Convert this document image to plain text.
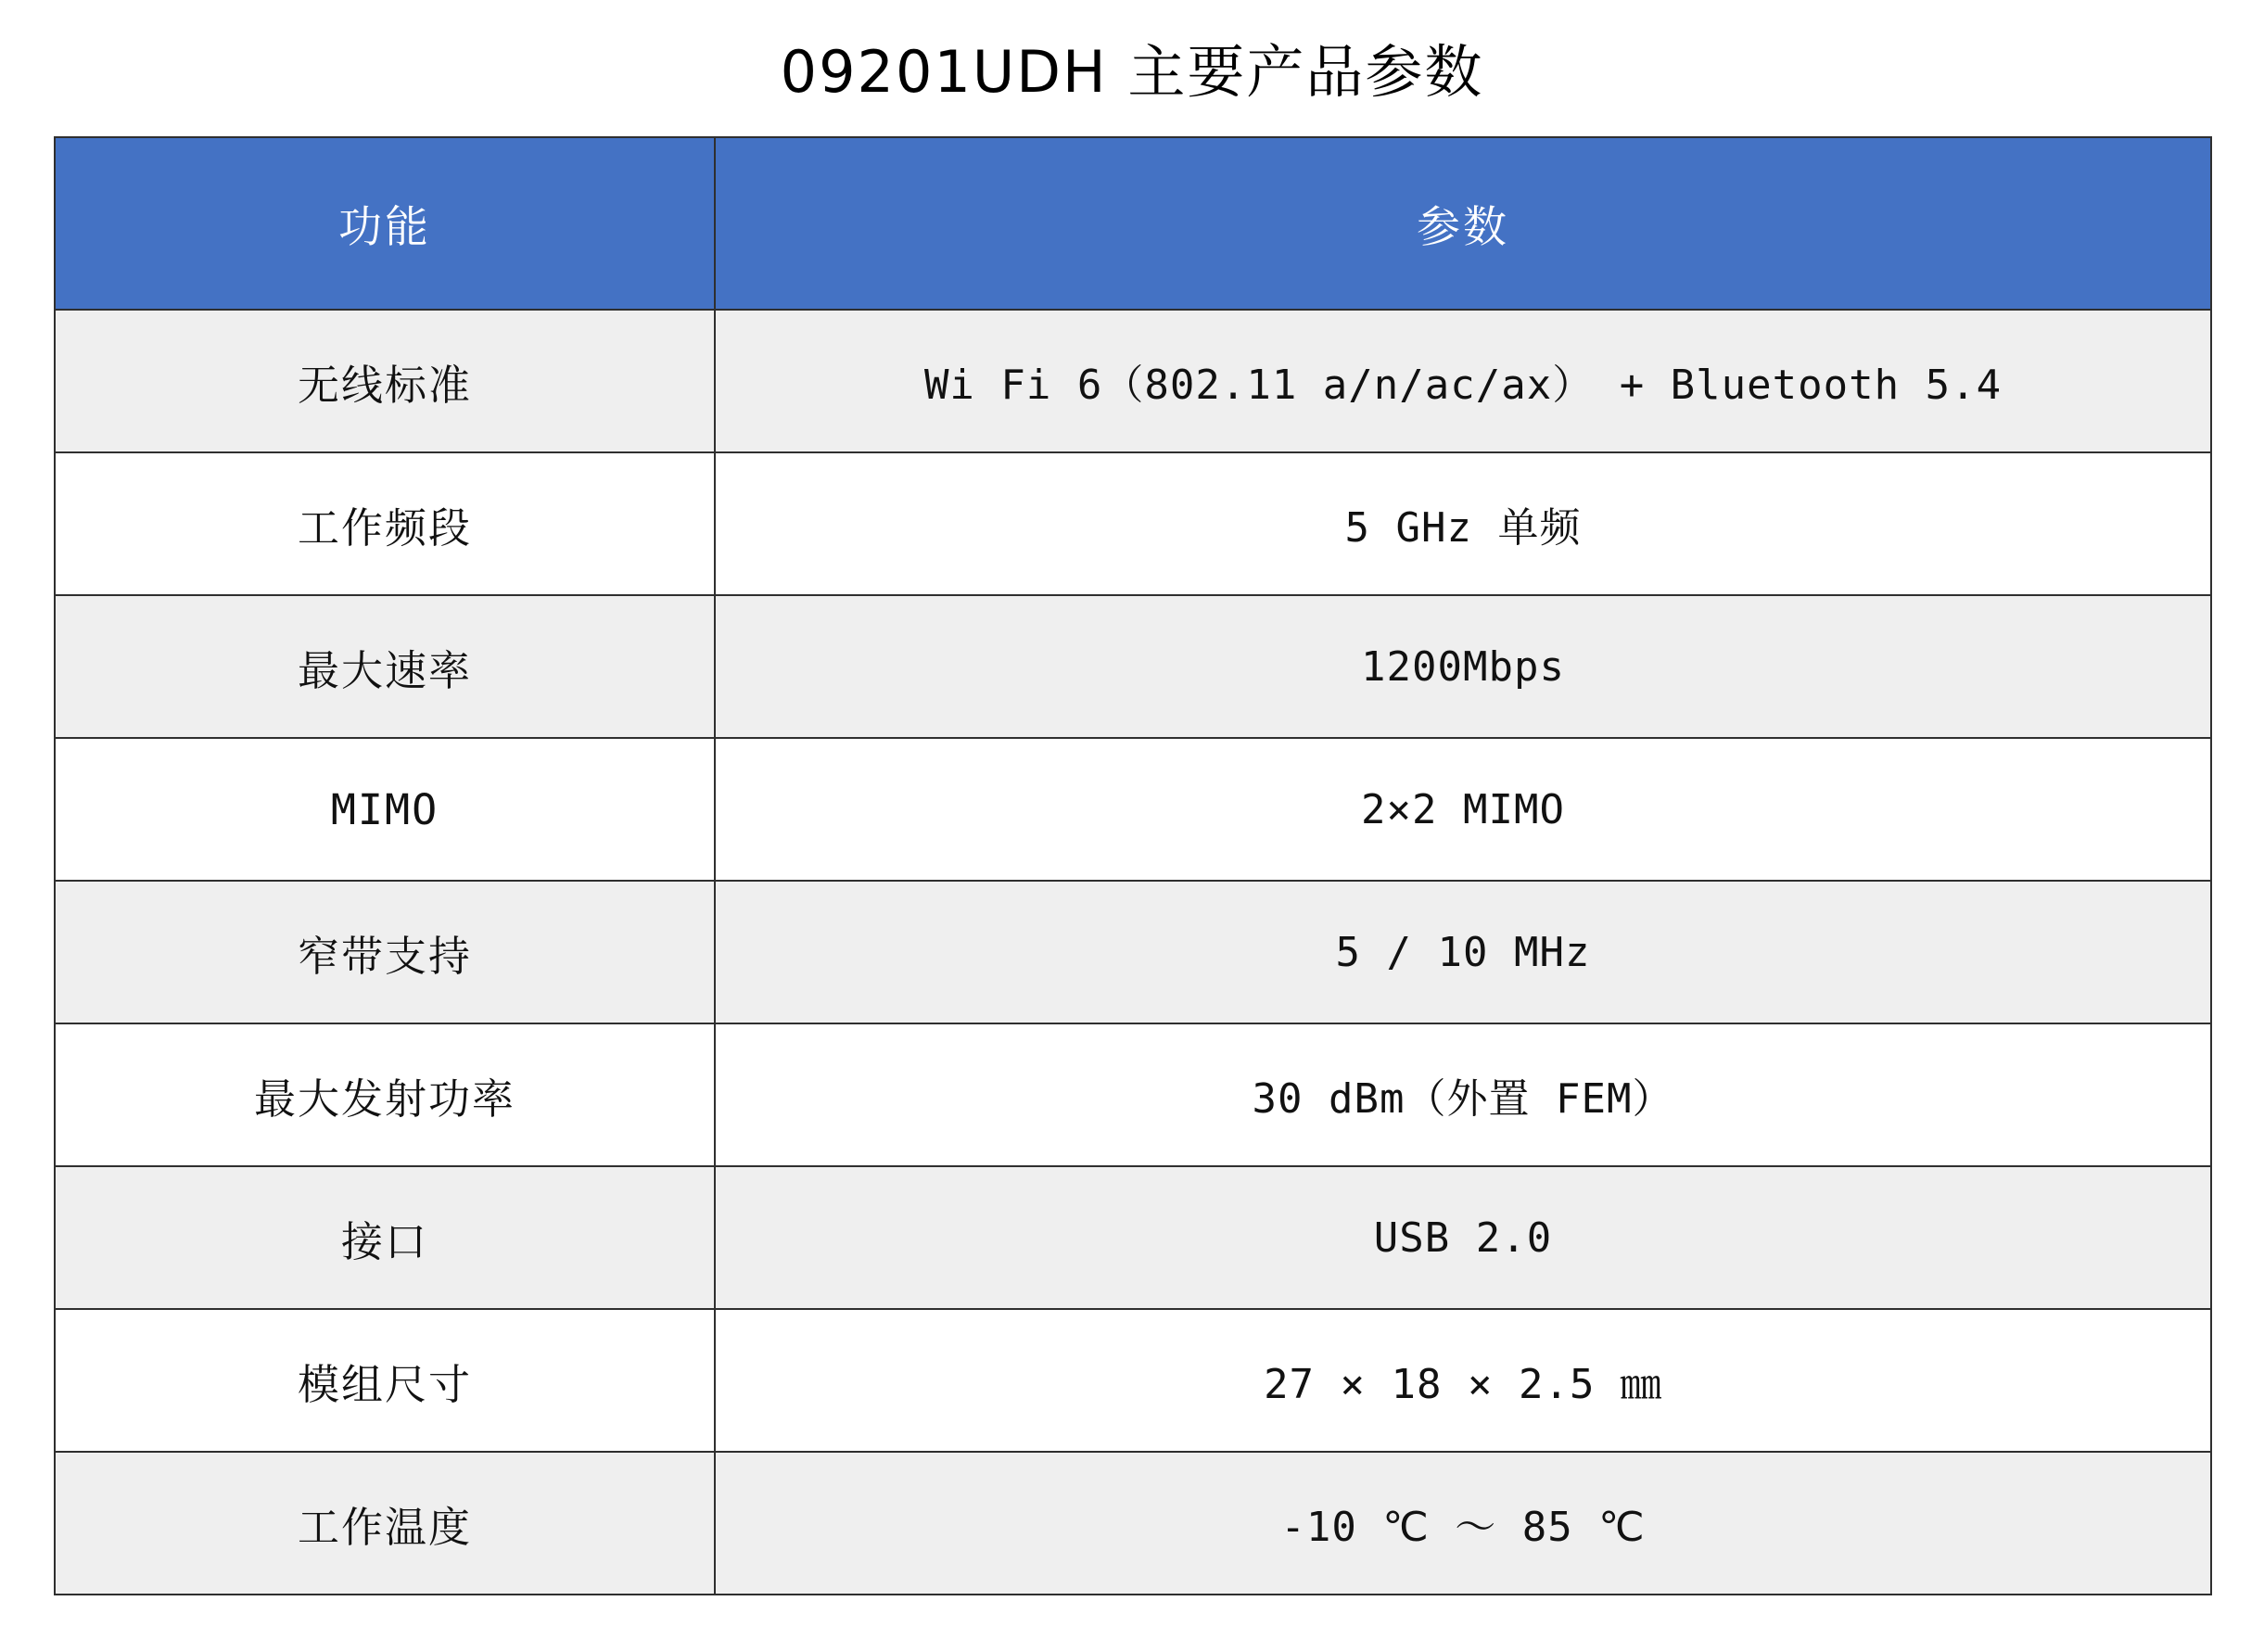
09201UDH 主要产品参数
功能	参数
无线标准	Wi Fi 6（802.11 a/n/ac/ax） + Bluetooth 5.4
工作频段	5 GHz 单频
最大速率	1200Mbps
MIMO	2×2 MIMO
窄带支持	5 / 10 MHz
最大发射功率	30 dBm（外置 FEM）
接口	USB 2.0
模组尺寸	27 × 18 × 2.5 ㎜
工作温度	-10 ℃ ～ 85 ℃
